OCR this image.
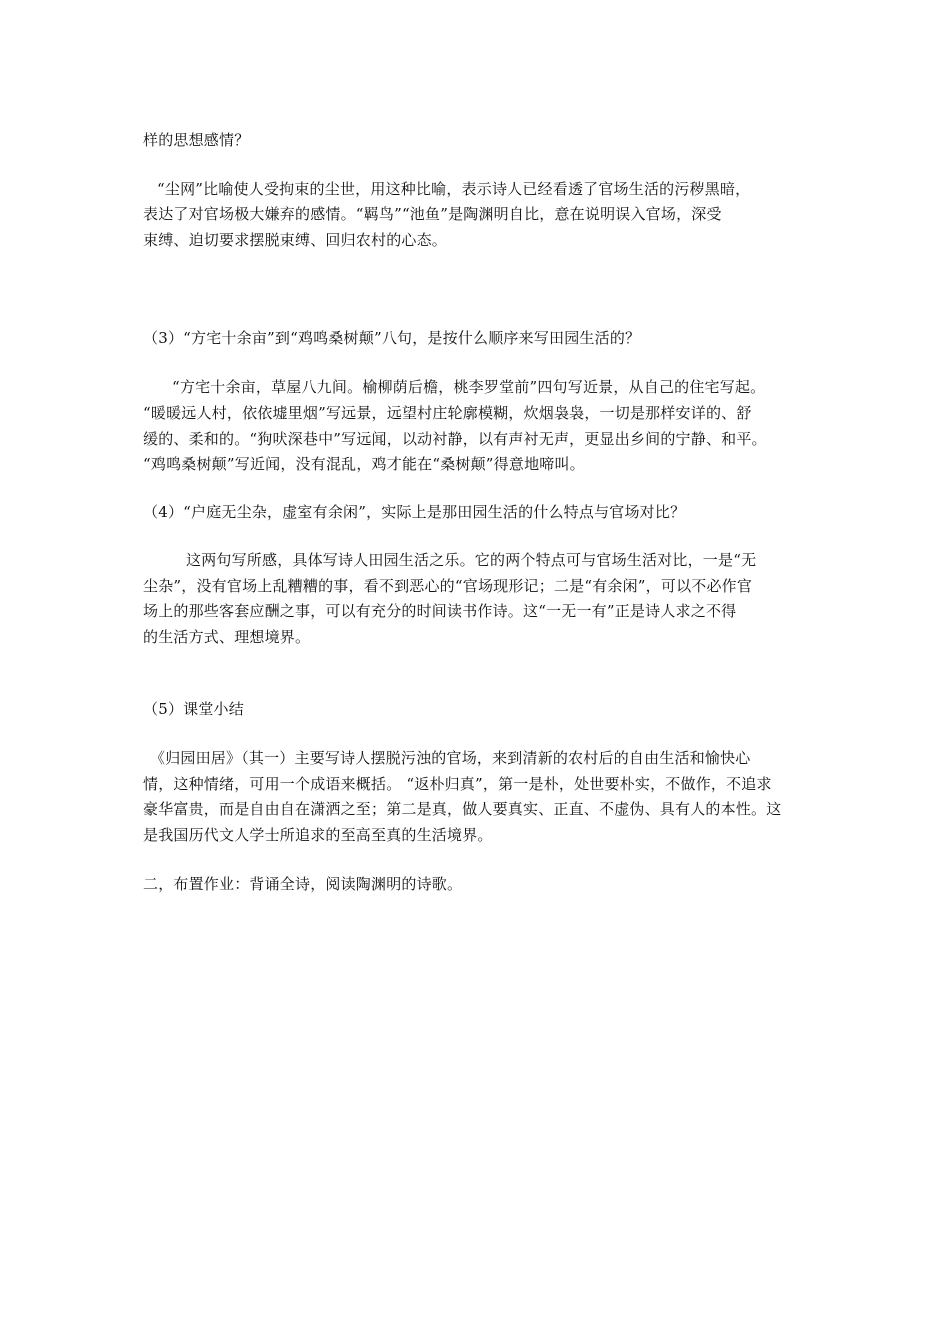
样的思想感情？
“尘网”比喻使人受拘束的尘世，用这种比喻，表示诗人已经看透了官场生活的污秽黑暗，
表达了对官场极大嫌弃的感情。“羁鸟”“池鱼”是陶渊明自比，意在说明误入官场，深受
束缚、迫切要求摆脱束缚、回归农村的心态。
（3）“方宅十余亩”到“鸡鸣桑树颠”八句，是按什么顺序来写田园生活的？
“方宅十余亩，草屋八九间。榆柳荫后檐，桃李罗堂前”四句写近景，从自己的住宅写起。
“暖暖远人村，依依墟里烟”写远景，远望村庄轮廓模糊，炊烟袅袅，一切是那样安详的、舒
缓的、柔和的。“狗吠深巷中”写远闻，以动衬静，以有声衬无声，更显出乡间的宁静、和平。
“鸡鸣桑树颠”写近闻，没有混乱，鸡才能在“桑树颠”得意地啼叫。
（4）“户庭无尘杂，虚室有余闲”，实际上是那田园生活的什么特点与官场对比？
这两句写所感，具体写诗人田园生活之乐。它的两个特点可与官场生活对比，一是“无
尘杂”，没有官场上乱糟糟的事，看不到恶心的“官场现形记；二是“有余闲”，可以不必作官
场上的那些客套应酬之事，可以有充分的时间读书作诗。这“一无一有”正是诗人求之不得
的生活方式、理想境界。
（5）课堂小结
《归园田居》（其一）主要写诗人摆脱污浊的官场，来到清新的农村后的自由生活和愉快心
情，这种情绪，可用一个成语来概括。 “返朴归真”，第一是朴，处世要朴实，不做作，不追求
豪华富贵，而是自由自在潇洒之至；第二是真，做人要真实、正直、不虚伪、具有人的本性。这
是我国历代文人学士所追求的至高至真的生活境界。
二，布置作业：背诵全诗，阅读陶渊明的诗歌。
